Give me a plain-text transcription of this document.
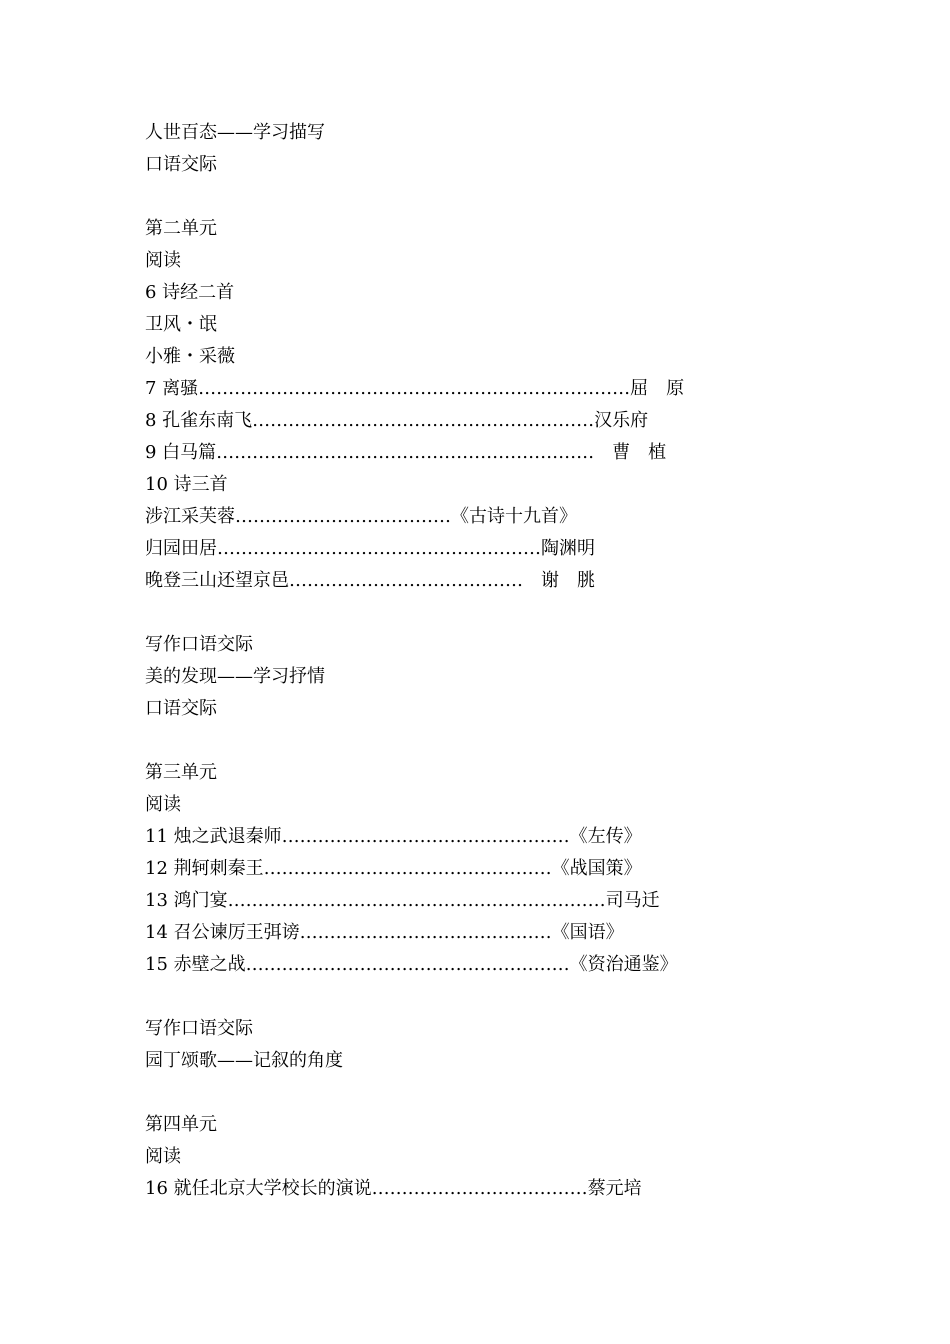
人世百态——学习描写
口语交际
第二单元
阅读
6 诗经二首
卫风・氓
小雅・采薇
7 离骚………………………………………………………………屈　原
8 孔雀东南飞…………………………………………………汉乐府
9 白马篇………………………………………………………　曹　植
10 诗三首
涉江采芙蓉………………………………《古诗十九首》
归园田居………………………………………………陶渊明
晚登三山还望京邑…………………………………　谢　朓
写作口语交际
美的发现——学习抒情
口语交际
第三单元
阅读
11 烛之武退秦师…………………………………………《左传》
12 荆轲刺秦王…………………………………………《战国策》
13 鸿门宴………………………………………………………司马迁
14 召公谏厉王弭谤……………………………………《国语》
15 赤壁之战………………………………………………《资治通鉴》
写作口语交际
园丁颂歌——记叙的角度
第四单元
阅读
16 就任北京大学校长的演说………………………………蔡元培
